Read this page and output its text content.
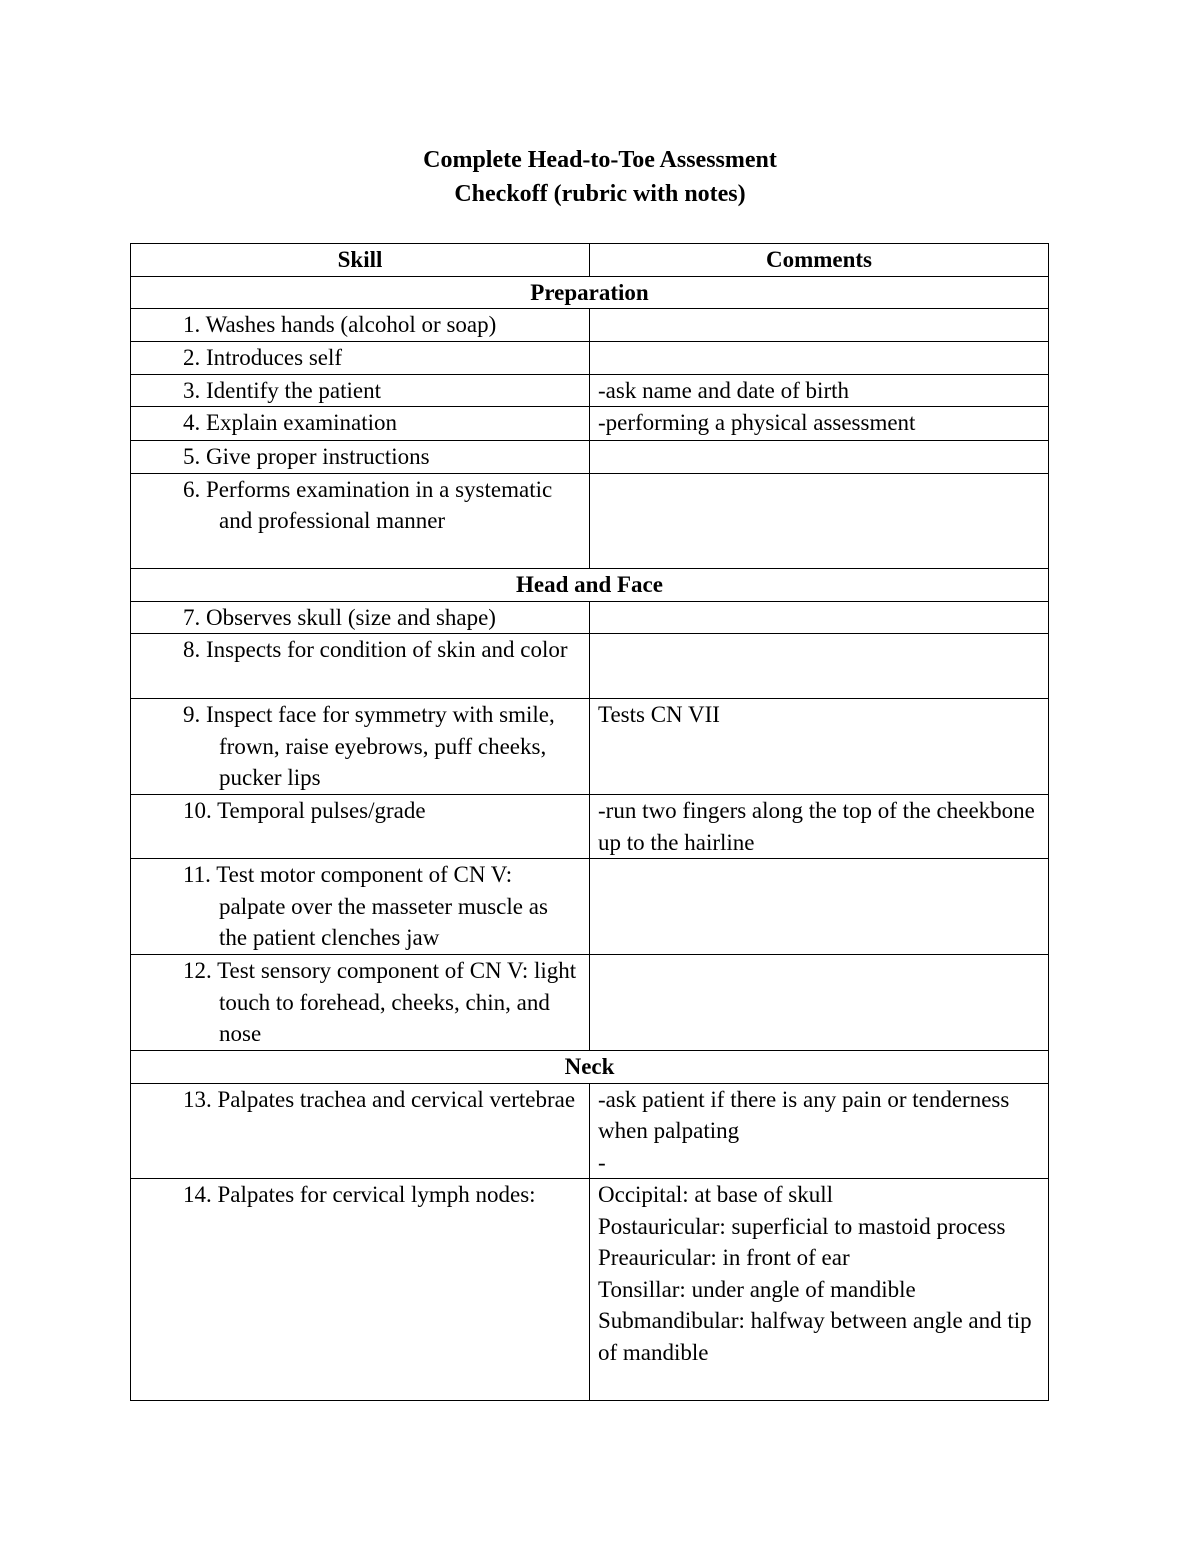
Complete Head-to-Toe Assessment
Checkoff (rubric with notes)
Skill	Comments
Preparation	

1. Washes hands (alcohol or soap)	

2. Introduces self	

3. Identify the patient	-ask name and date of birth

4. Explain examination	-performing a physical assessment

5. Give proper instructions	

6. Performs examination in a systematic and professional manner	

Head and Face	

7. Observes skull (size and shape)	

8. Inspects for condition of skin and color	

9. Inspect face for symmetry with smile, frown, raise eyebrows, puff cheeks, pucker lips	Tests CN VII

10. Temporal pulses/grade	-run two fingers along the top of the cheekbone up to the hairline

11. Test motor component of CN V: palpate over the masseter muscle as the patient clenches jaw	

12. Test sensory component of CN V: light touch to forehead, cheeks, chin, and nose	

Neck	

13. Palpates trachea and cervical vertebrae	-ask patient if there is any pain or tenderness when palpating
-

14. Palpates for cervical lymph nodes:	Occipital: at base of skull
Postauricular: superficial to mastoid process
Preauricular: in front of ear
Tonsillar: under angle of mandible
Submandibular: halfway between angle and tip of mandible
